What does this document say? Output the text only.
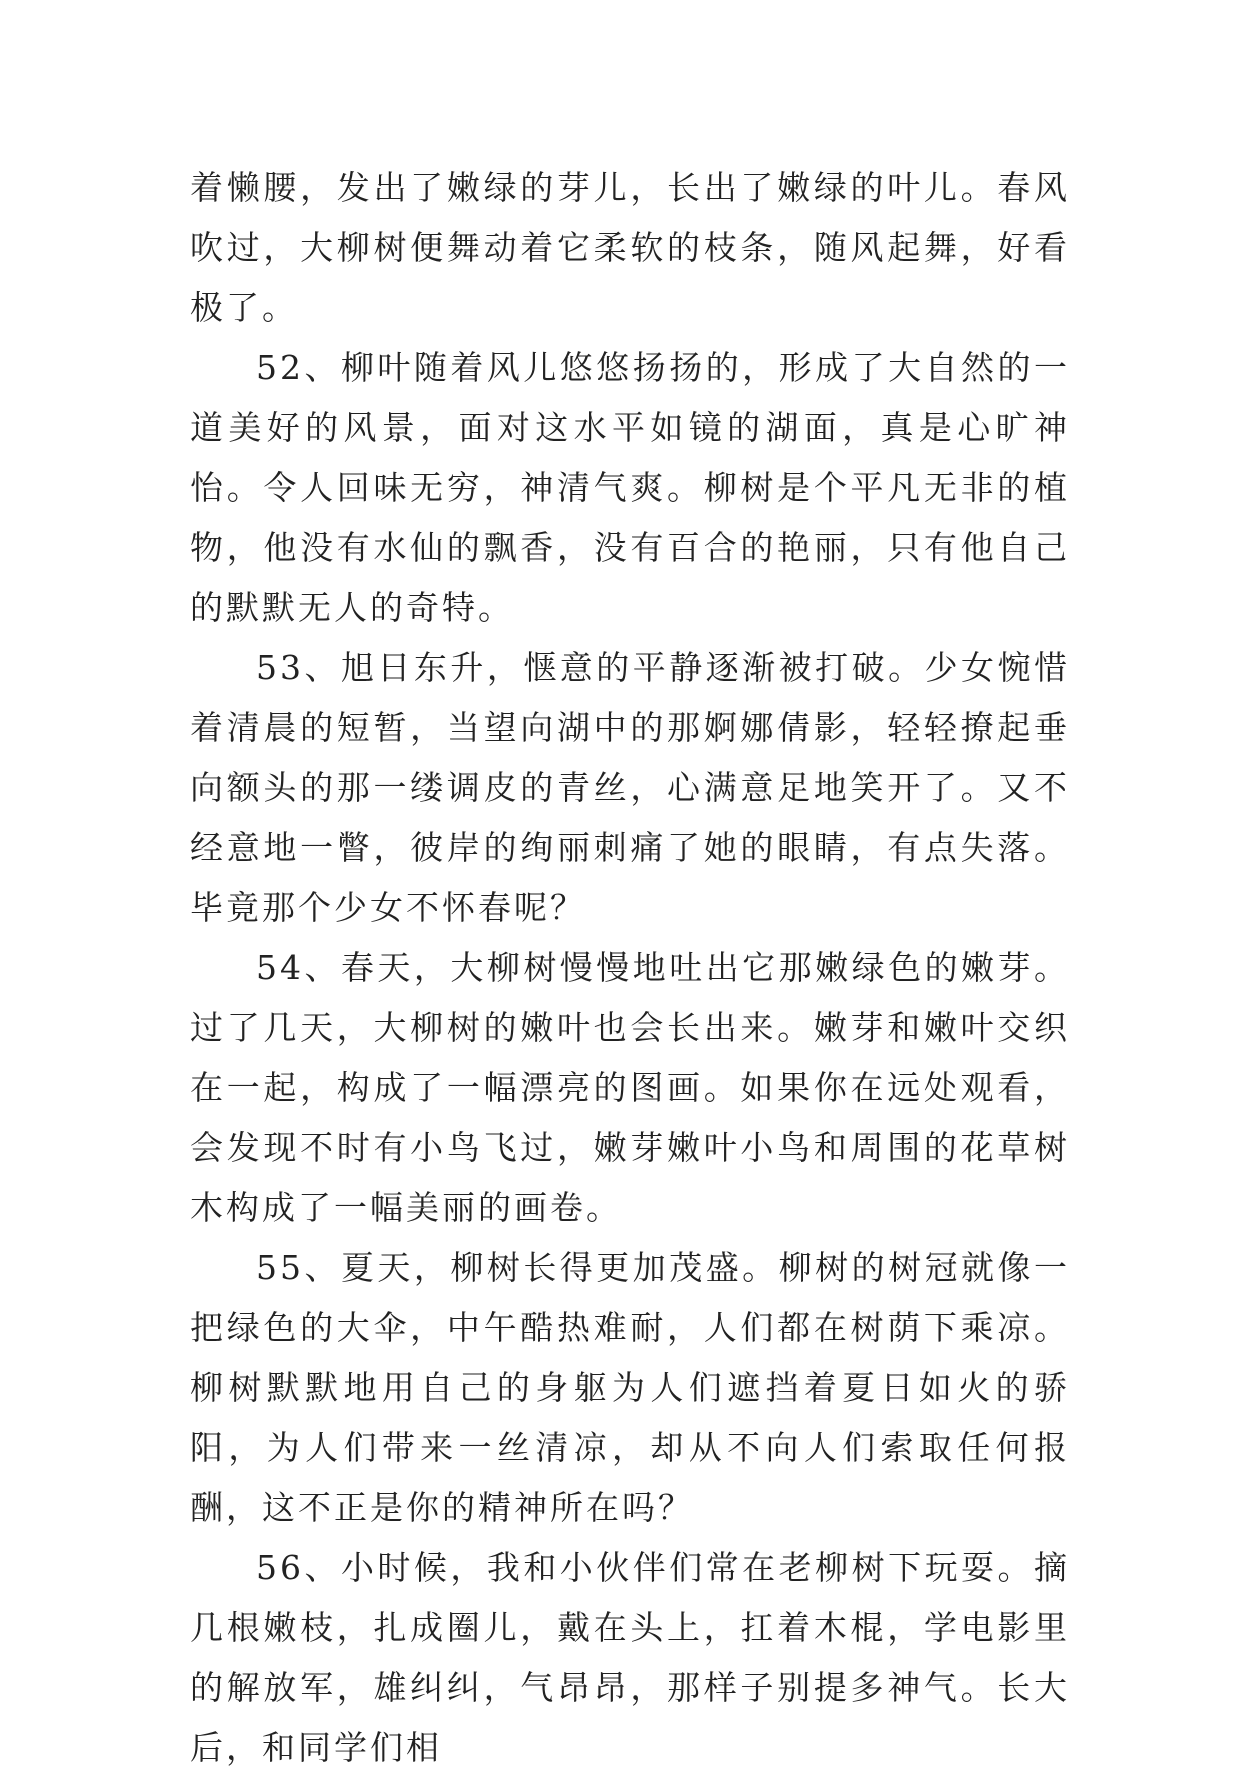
着懒腰，发出了嫩绿的芽儿，长出了嫩绿的叶儿。春风吹过，大柳树便舞动着它柔软的枝条，随风起舞，好看极了。

52、柳叶随着风儿悠悠扬扬的，形成了大自然的一道美好的风景，面对这水平如镜的湖面，真是心旷神怡。令人回味无穷，神清气爽。柳树是个平凡无非的植物，他没有水仙的飘香，没有百合的艳丽，只有他自己的默默无人的奇特。

53、旭日东升，惬意的平静逐渐被打破。少女惋惜着清晨的短暂，当望向湖中的那婀娜倩影，轻轻撩起垂向额头的那一缕调皮的青丝，心满意足地笑开了。又不经意地一瞥，彼岸的绚丽刺痛了她的眼睛，有点失落。毕竟那个少女不怀春呢？

54、春天，大柳树慢慢地吐出它那嫩绿色的嫩芽。过了几天，大柳树的嫩叶也会长出来。嫩芽和嫩叶交织在一起，构成了一幅漂亮的图画。如果你在远处观看，会发现不时有小鸟飞过，嫩芽嫩叶小鸟和周围的花草树木构成了一幅美丽的画卷。

55、夏天，柳树长得更加茂盛。柳树的树冠就像一把绿色的大伞，中午酷热难耐，人们都在树荫下乘凉。柳树默默地用自己的身躯为人们遮挡着夏日如火的骄阳，为人们带来一丝清凉，却从不向人们索取任何报酬，这不正是你的精神所在吗？

56、小时候，我和小伙伴们常在老柳树下玩耍。摘几根嫩枝，扎成圈儿，戴在头上，扛着木棍，学电影里的解放军，雄纠纠，气昂昂，那样子别提多神气。长大后，和同学们相
